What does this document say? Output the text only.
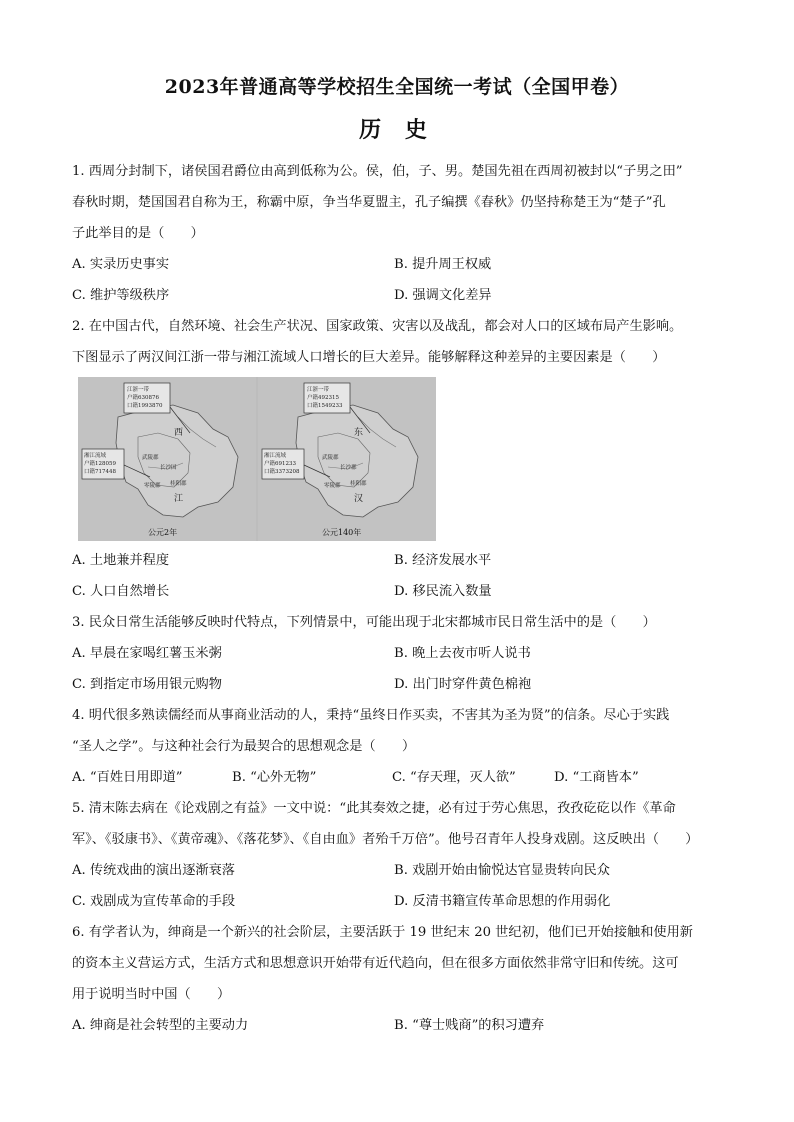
2023年普通高等学校招生全国统一考试（全国甲卷）
历 史
1. 西周分封制下，诸侯国君爵位由高到低称为公。侯，伯，子、男。楚国先祖在西周初被封以“子男之田”
春秋时期，楚国国君自称为王，称霸中原，争当华夏盟主，孔子编撰《春秋》仍坚持称楚王为“楚子”孔
子此举目的是（　　）
A. 实录历史事实	B. 提升周王权威
C. 维护等级秩序	D. 强调文化差异
2. 在中国古代，自然环境、社会生产状况、国家政策、灾害以及战乱，都会对人口的区域布局产生影响。
下图显示了两汉间江浙一带与湘江流域人口增长的巨大差异。能够解释这种差异的主要因素是（　　）
江浙一带
户籍630876
口籍1993870
湘江流域
户籍128059
口籍717448
西
武陵郡
长沙国
零陵郡 桂阳郡
江
公元2年
江浙一带
户籍492315
口籍1549233
湘江流域
户籍691233
口籍3373208
东
武陵郡
长沙郡
零陵郡 桂阳郡
汉
公元140年
A. 土地兼并程度	B. 经济发展水平
C. 人口自然增长	D. 移民流入数量
3. 民众日常生活能够反映时代特点，下列情景中，可能出现于北宋都城市民日常生活中的是（　　）
A. 早晨在家喝红薯玉米粥	B. 晚上去夜市听人说书
C. 到指定市场用银元购物	D. 出门时穿件黄色棉袍
4. 明代很多熟读儒经而从事商业活动的人，秉持“虽终日作买卖，不害其为圣为贤”的信条。尽心于实践
“圣人之学”。与这种社会行为最契合的思想观念是（　　）
A. “百姓日用即道”	B. “心外无物”	C. “存天理，灭人欲”	D. “工商皆本”
5. 清末陈去病在《论戏剧之有益》一文中说：“此其奏效之捷，必有过于劳心焦思，孜孜矻矻以作《革命
军》、《驳康书》、《黄帝魂》、《落花梦》、《自由血》者殆千万倍”。他号召青年人投身戏剧。这反映出（　　）
A. 传统戏曲的演出逐渐衰落	B. 戏剧开始由愉悦达官显贵转向民众
C. 戏剧成为宣传革命的手段	D. 反清书籍宣传革命思想的作用弱化
6. 有学者认为，绅商是一个新兴的社会阶层，主要活跃于 19 世纪末 20 世纪初，他们已开始接触和使用新
的资本主义营运方式，生活方式和思想意识开始带有近代趋向，但在很多方面依然非常守旧和传统。这可
用于说明当时中国（　　）
A. 绅商是社会转型的主要动力	B. “尊士贱商”的积习遭弃
